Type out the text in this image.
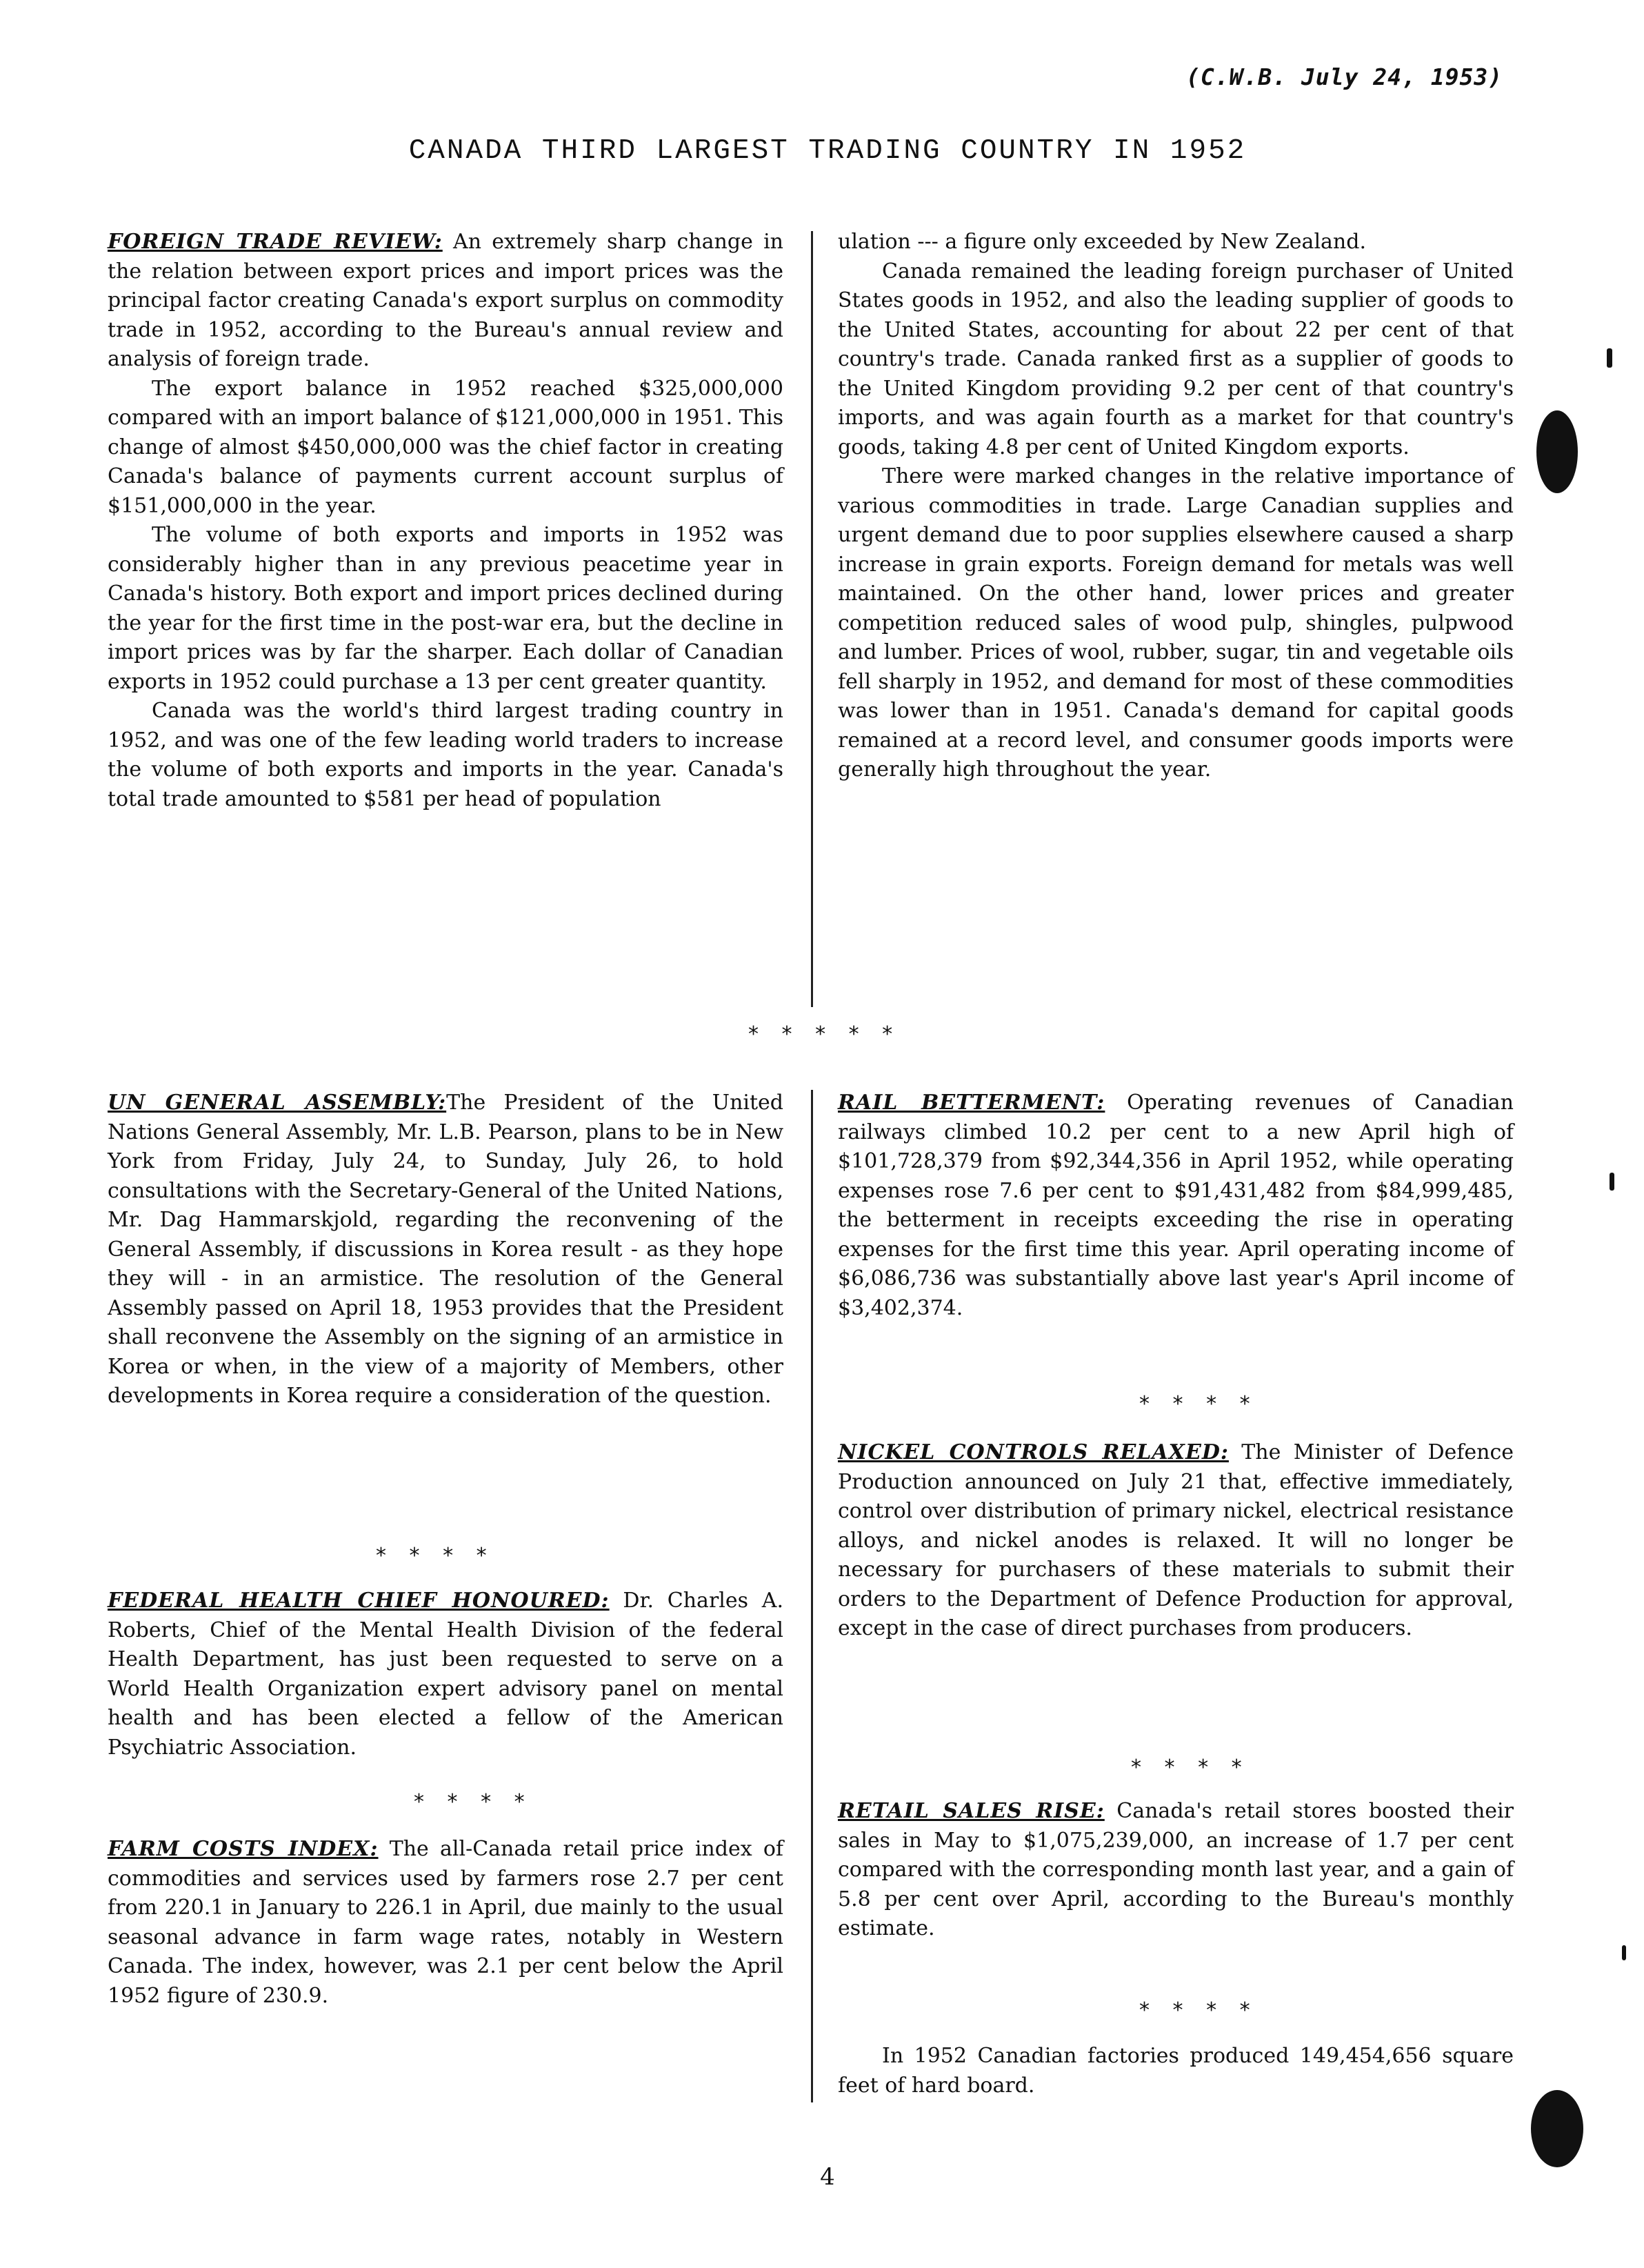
(C.W.B. July 24, 1953)
CANADA THIRD LARGEST TRADING COUNTRY IN 1952

FOREIGN TRADE REVIEW: An extremely sharp change in the relation between export prices and import prices was the principal factor creating Canada's export surplus on commodity trade in 1952, according to the Bureau's annual review and analysis of foreign trade.

The export balance in 1952 reached $325,000,000 compared with an import balance of $121,000,000 in 1951. This change of almost $450,000,000 was the chief factor in creating Canada's balance of payments current account surplus of $151,000,000 in the year.

The volume of both exports and imports in 1952 was considerably higher than in any previous peacetime year in Canada's history. Both export and import prices declined during the year for the first time in the post-war era, but the decline in import prices was by far the sharper. Each dollar of Canadian exports in 1952 could purchase a 13 per cent greater quantity.

Canada was the world's third largest trading country in 1952, and was one of the few leading world traders to increase the volume of both exports and imports in the year. Canada's total trade amounted to $581 per head of population

ulation --- a figure only exceeded by New Zealand.

Canada remained the leading foreign purchaser of United States goods in 1952, and also the leading supplier of goods to the United States, accounting for about 22 per cent of that country's trade. Canada ranked first as a supplier of goods to the United Kingdom providing 9.2 per cent of that country's imports, and was again fourth as a market for that country's goods, taking 4.8 per cent of United Kingdom exports.

There were marked changes in the relative importance of various commodities in trade. Large Canadian supplies and urgent demand due to poor supplies elsewhere caused a sharp increase in grain exports. Foreign demand for metals was well maintained. On the other hand, lower prices and greater competition reduced sales of wood pulp, shingles, pulpwood and lumber. Prices of wool, rubber, sugar, tin and vegetable oils fell sharply in 1952, and demand for most of these commodities was lower than in 1951. Canada's demand for capital goods remained at a record level, and consumer goods imports were generally high throughout the year.

* * * * *

UN GENERAL ASSEMBLY:The President of the United Nations General Assembly, Mr. L.B. Pearson, plans to be in New York from Friday, July 24, to Sunday, July 26, to hold consultations with the Secretary-General of the United Nations, Mr. Dag Hammarskjold, regarding the reconvening of the General Assembly, if discussions in Korea result - as they hope they will - in an armistice. The resolution of the General Assembly passed on April 18, 1953 provides that the President shall reconvene the Assembly on the signing of an armistice in Korea or when, in the view of a majority of Members, other developments in Korea require a consideration of the question.

* * * *

FEDERAL HEALTH CHIEF HONOURED: Dr. Charles A. Roberts, Chief of the Mental Health Division of the federal Health Department, has just been requested to serve on a World Health Organization expert advisory panel on mental health and has been elected a fellow of the American Psychiatric Association.

* * * *

FARM COSTS INDEX: The all-Canada retail price index of commodities and services used by farmers rose 2.7 per cent from 220.1 in January to 226.1 in April, due mainly to the usual seasonal advance in farm wage rates, notably in Western Canada. The index, however, was 2.1 per cent below the April 1952 figure of 230.9.

RAIL BETTERMENT: Operating revenues of Canadian railways climbed 10.2 per cent to a new April high of $101,728,379 from $92,344,356 in April 1952, while operating expenses rose 7.6 per cent to $91,431,482 from $84,999,485, the betterment in receipts exceeding the rise in operating expenses for the first time this year. April operating income of $6,086,736 was substantially above last year's April income of $3,402,374.

* * * *

NICKEL CONTROLS RELAXED: The Minister of Defence Production announced on July 21 that, effective immediately, control over distribution of primary nickel, electrical resistance alloys, and nickel anodes is relaxed. It will no longer be necessary for purchasers of these materials to submit their orders to the Department of Defence Production for approval, except in the case of direct purchases from producers.

* * * *

RETAIL SALES RISE: Canada's retail stores boosted their sales in May to $1,075,239,000, an increase of 1.7 per cent compared with the corresponding month last year, and a gain of 5.8 per cent over April, according to the Bureau's monthly estimate.

* * * *

In 1952 Canadian factories produced 149,454,656 square feet of hard board.

4
